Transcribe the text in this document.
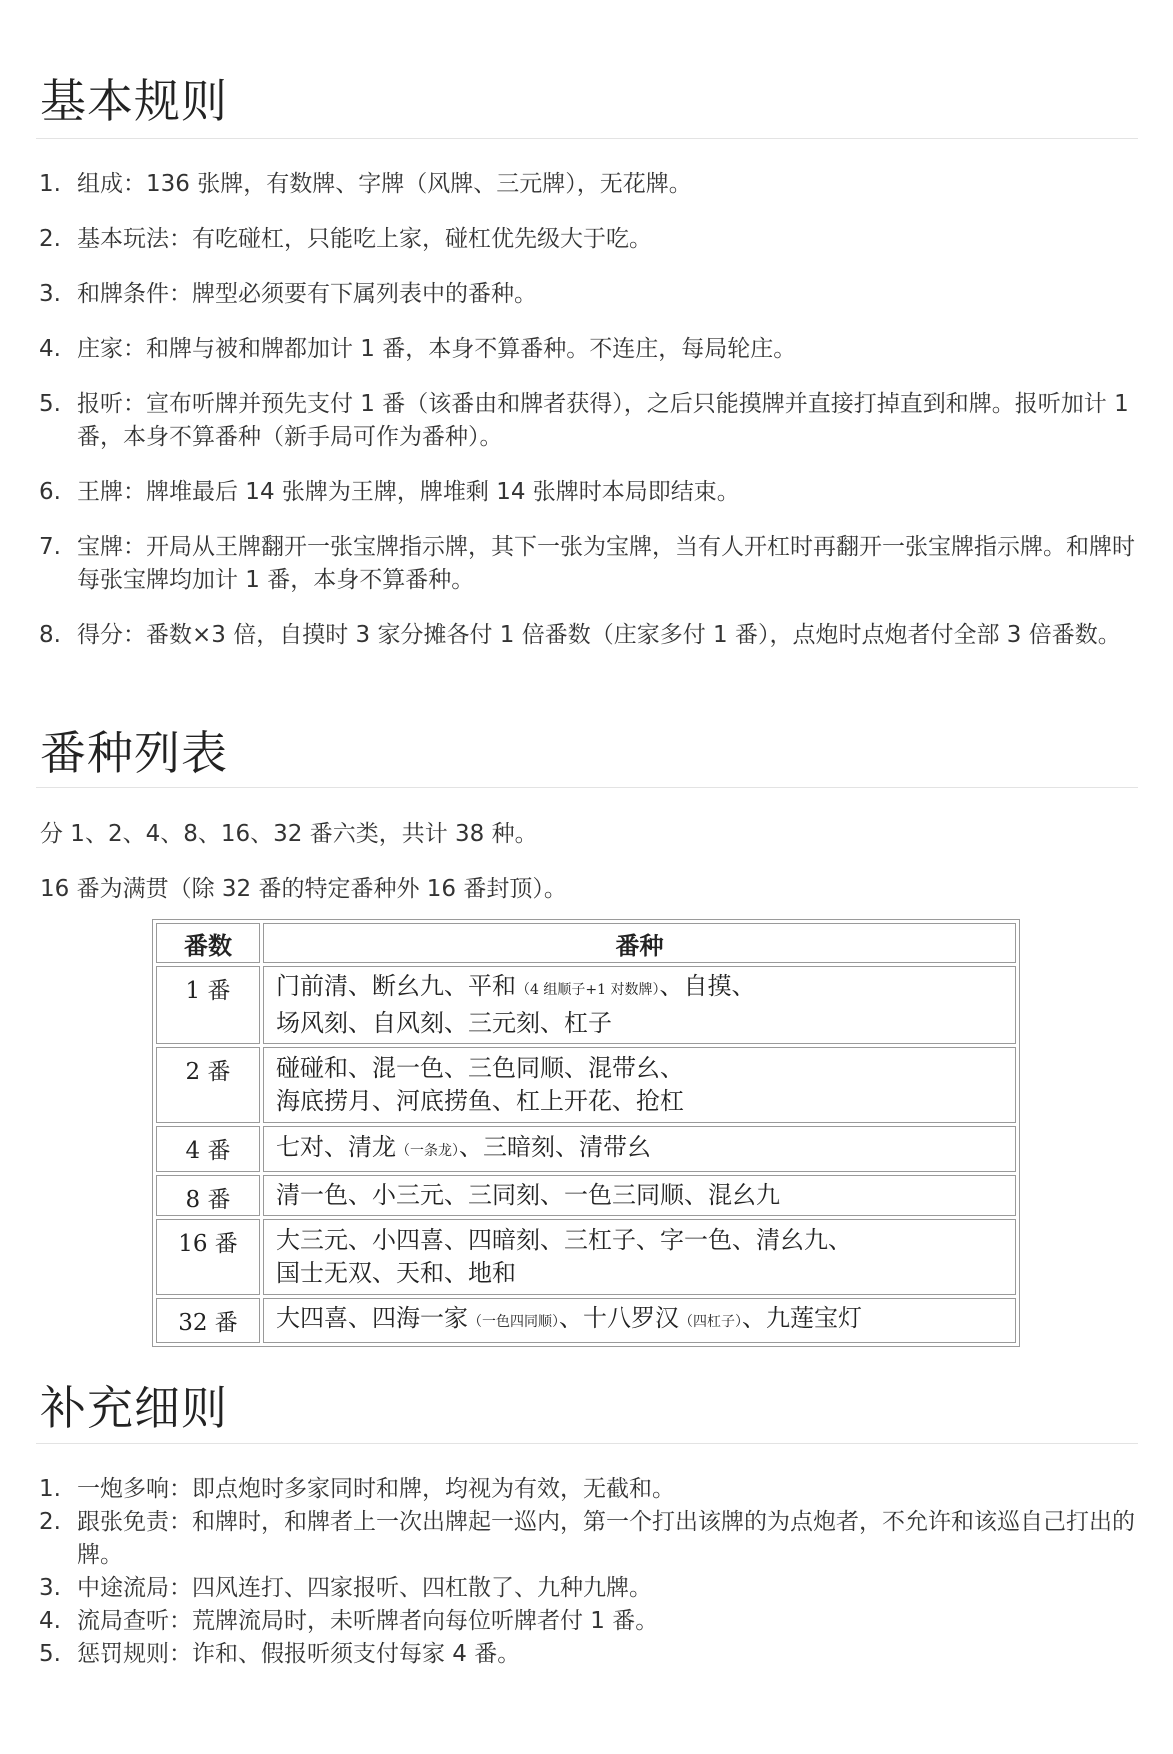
基本规则
1. 组成：136 张牌，有数牌、字牌（风牌、三元牌），无花牌。
2. 基本玩法：有吃碰杠，只能吃上家，碰杠优先级大于吃。
3. 和牌条件：牌型必须要有下属列表中的番种。
4. 庄家：和牌与被和牌都加计 1 番，本身不算番种。不连庄，每局轮庄。
5. 报听：宣布听牌并预先支付 1 番（该番由和牌者获得），之后只能摸牌并直接打掉直到和牌。报听加计 1 番，本身不算番种（新手局可作为番种）。
6. 王牌：牌堆最后 14 张牌为王牌，牌堆剩 14 张牌时本局即结束。
7. 宝牌：开局从王牌翻开一张宝牌指示牌，其下一张为宝牌，当有人开杠时再翻开一张宝牌指示牌。和牌时每张宝牌均加计 1 番，本身不算番种。
8. 得分：番数×3 倍，自摸时 3 家分摊各付 1 倍番数（庄家多付 1 番），点炮时点炮者付全部 3 倍番数。
番种列表

分 1、2、4、8、16、32 番六类，共计 38 种。

16 番为满贯（除 32 番的特定番种外 16 番封顶）。

番数	番种
1 番	门前清、断幺九、平和（4 组顺子+1 对数牌）、自摸、
场风刻、自风刻、三元刻、杠子
2 番	碰碰和、混一色、三色同顺、混带幺、
海底捞月、河底捞鱼、杠上开花、抢杠
4 番	七对、清龙（一条龙）、三暗刻、清带幺
8 番	清一色、小三元、三同刻、一色三同顺、混幺九
16 番	大三元、小四喜、四暗刻、三杠子、字一色、清幺九、
国士无双、天和、地和
32 番	大四喜、四海一家（一色四同顺）、十八罗汉（四杠子）、九莲宝灯
补充细则
1. 一炮多响：即点炮时多家同时和牌，均视为有效，无截和。
2. 跟张免责：和牌时，和牌者上一次出牌起一巡内，第一个打出该牌的为点炮者，不允许和该巡自己打出的牌。
3. 中途流局：四风连打、四家报听、四杠散了、九种九牌。
4. 流局查听：荒牌流局时，未听牌者向每位听牌者付 1 番。
5. 惩罚规则：诈和、假报听须支付每家 4 番。
